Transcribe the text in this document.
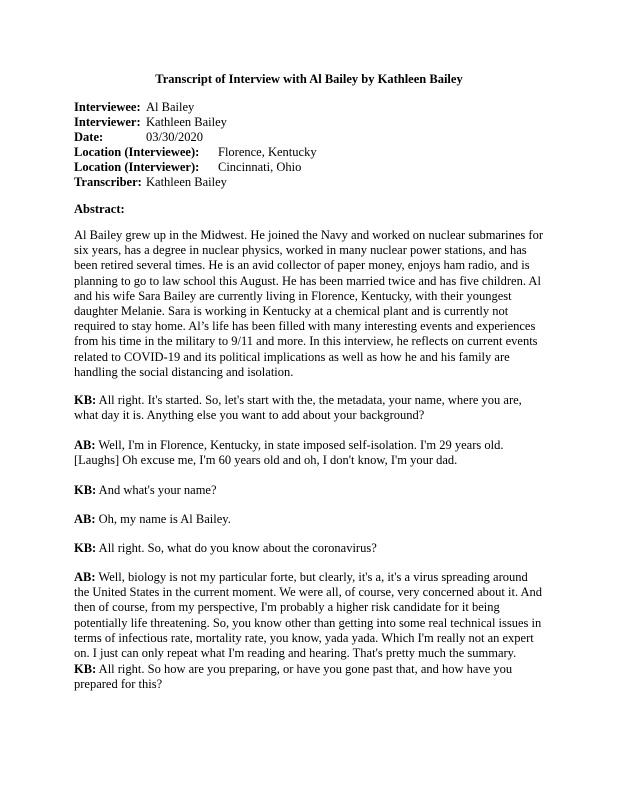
Transcript of Interview with Al Bailey by Kathleen Bailey
Interviewee: Al Bailey
Interviewer: Kathleen Bailey
Date:	03/30/2020
Location (Interviewee): Florence, Kentucky
Location (Interviewer): Cincinnati, Ohio
Transcriber: Kathleen Bailey
Abstract:

Al Bailey grew up in the Midwest. He joined the Navy and worked on nuclear submarines for six years, has a degree in nuclear physics, worked in many nuclear power stations, and has been retired several times. He is an avid collector of paper money, enjoys ham radio, and is planning to go to law school this August. He has been married twice and has five children. Al and his wife Sara Bailey are currently living in Florence, Kentucky, with their youngest daughter Melanie. Sara is working in Kentucky at a chemical plant and is currently not required to stay home. Al’s life has been filled with many interesting events and experiences from his time in the military to 9/11 and more. In this interview, he reflects on current events related to COVID-19 and its political implications as well as how he and his family are handling the social distancing and isolation.

KB: All right. It's started. So, let's start with the, the metadata, your name, where you are, what day it is. Anything else you want to add about your background?

AB: Well, I'm in Florence, Kentucky, in state imposed self-isolation. I'm 29 years old. [Laughs] Oh excuse me, I'm 60 years old and oh, I don't know, I'm your dad.

KB: And what's your name?

AB: Oh, my name is Al Bailey.

KB: All right. So, what do you know about the coronavirus?

AB: Well, biology is not my particular forte, but clearly, it's a, it's a virus spreading around the United States in the current moment. We were all, of course, very concerned about it. And then of course, from my perspective, I'm probably a higher risk candidate for it being potentially life threatening. So, you know other than getting into some real technical issues in terms of infectious rate, mortality rate, you know, yada yada. Which I'm really not an expert on. I just can only repeat what I'm reading and hearing. That's pretty much the summary.

KB: All right. So how are you preparing, or have you gone past that, and how have you prepared for this?
